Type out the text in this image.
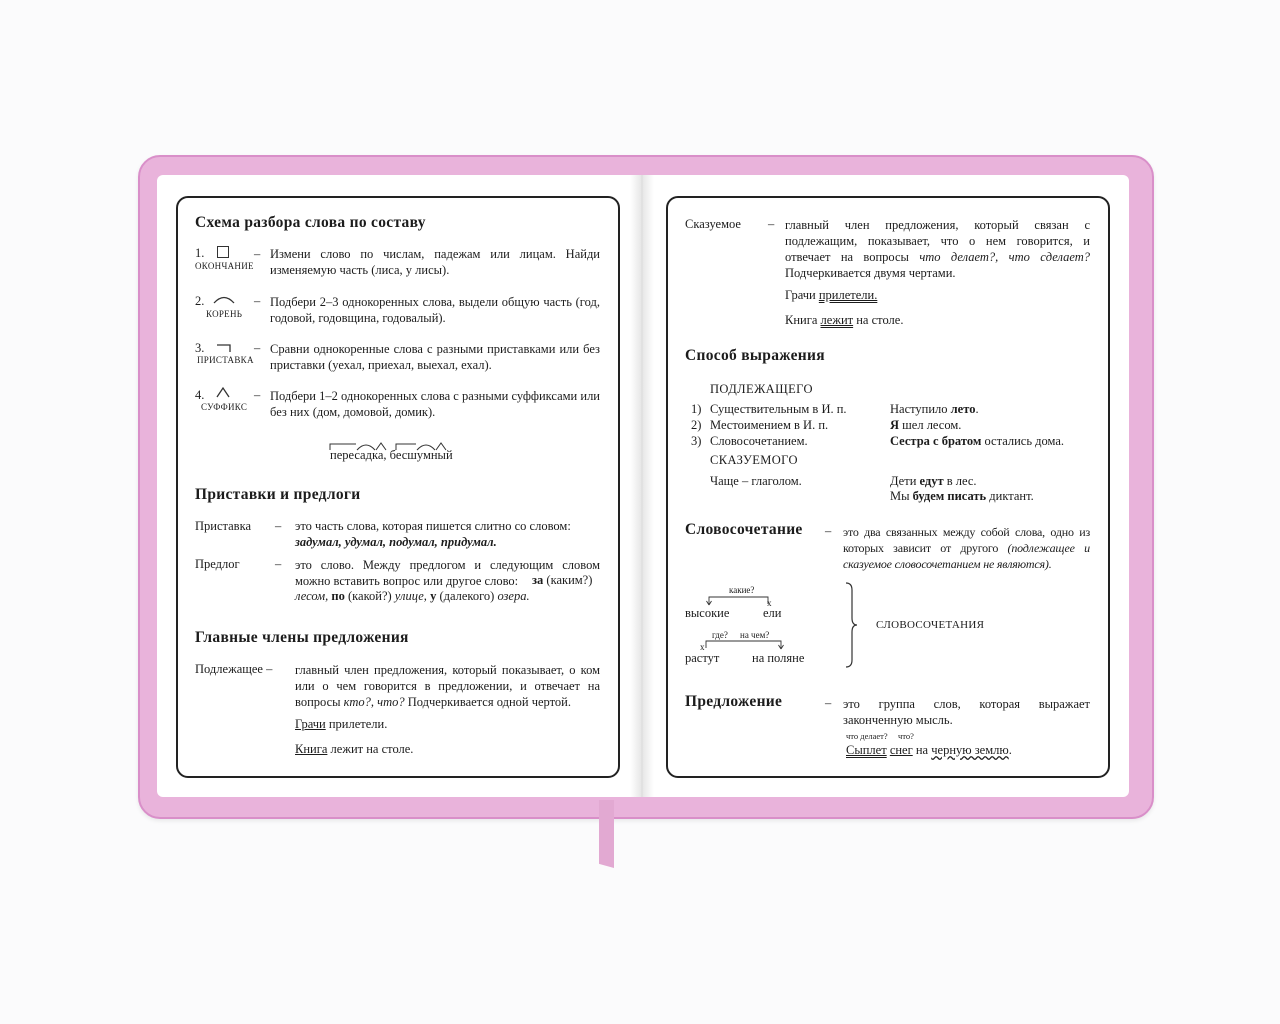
Схема разбора слова по составу
1.
ОКОНЧАНИЕ
– Измени слово по числам, падежам или лицам. Найди изменяемую часть (лиса, у лисы).
2.
КОРЕНЬ
– Подбери 2–3 однокоренных слова, выдели общую часть (год, годовой, годовщина, годовалый).
3.
ПРИСТАВКА
– Сравни однокоренные слова с разными приставками или без приставки (уехал, приехал, выехал, ехал).
4.
СУФФИКС
– Подбери 1–2 однокоренных слова с разными суффиксами или без них (дом, домовой, домик).
пересадка, бесшумный
Приставки и предлоги
Приставка – это часть слова, которая пишется слитно со словом:
задумал, удумал, подумал, придумал.
Предлог	– это слово. Между предлогом и следующим словом можно вставить вопрос или другое слово:
лесом, по (какой?) улице, у (далекого) озера.
за (каким?)
Главные члены предложения
Подлежащее – главный член предложения, который показывает, о ком или о чем говорится в предложении, и отвечает на вопросы кто?, что? Подчеркивается одной чертой.
Грачи прилетели.
Книга лежит на столе.
Сказуемое – главный член предложения, который связан с подлежащим, показывает, что о нем говорится, и отвечает на вопросы что делает?, что сделает? Подчеркивается двумя чертами.
Грачи прилетели.
Книга лежит на столе.
Способ выражения
ПОДЛЕЖАЩЕГО
1) Существительным в И. п.	Наступило лето.
2) Местоимением в И. п.	Я шел лесом.
3) Словосочетанием.	Сестра с братом остались дома.
СКАЗУЕМОГО
Чаще – глаголом.	Дети едут в лес.
Мы будем писать диктант.
Словосочетание – это два связанных между собой слова, одно из которых зависит от другого (подлежащее и сказуемое словосочетанием не являются).
какие?
x
высокие	ели
где? на чем?
x
растут	на поляне
СЛОВОСОЧЕТАНИЯ
Предложение	– это группа слов, которая выражает законченную мысль.
что делает? что?
Сыплет снег на черную землю.
